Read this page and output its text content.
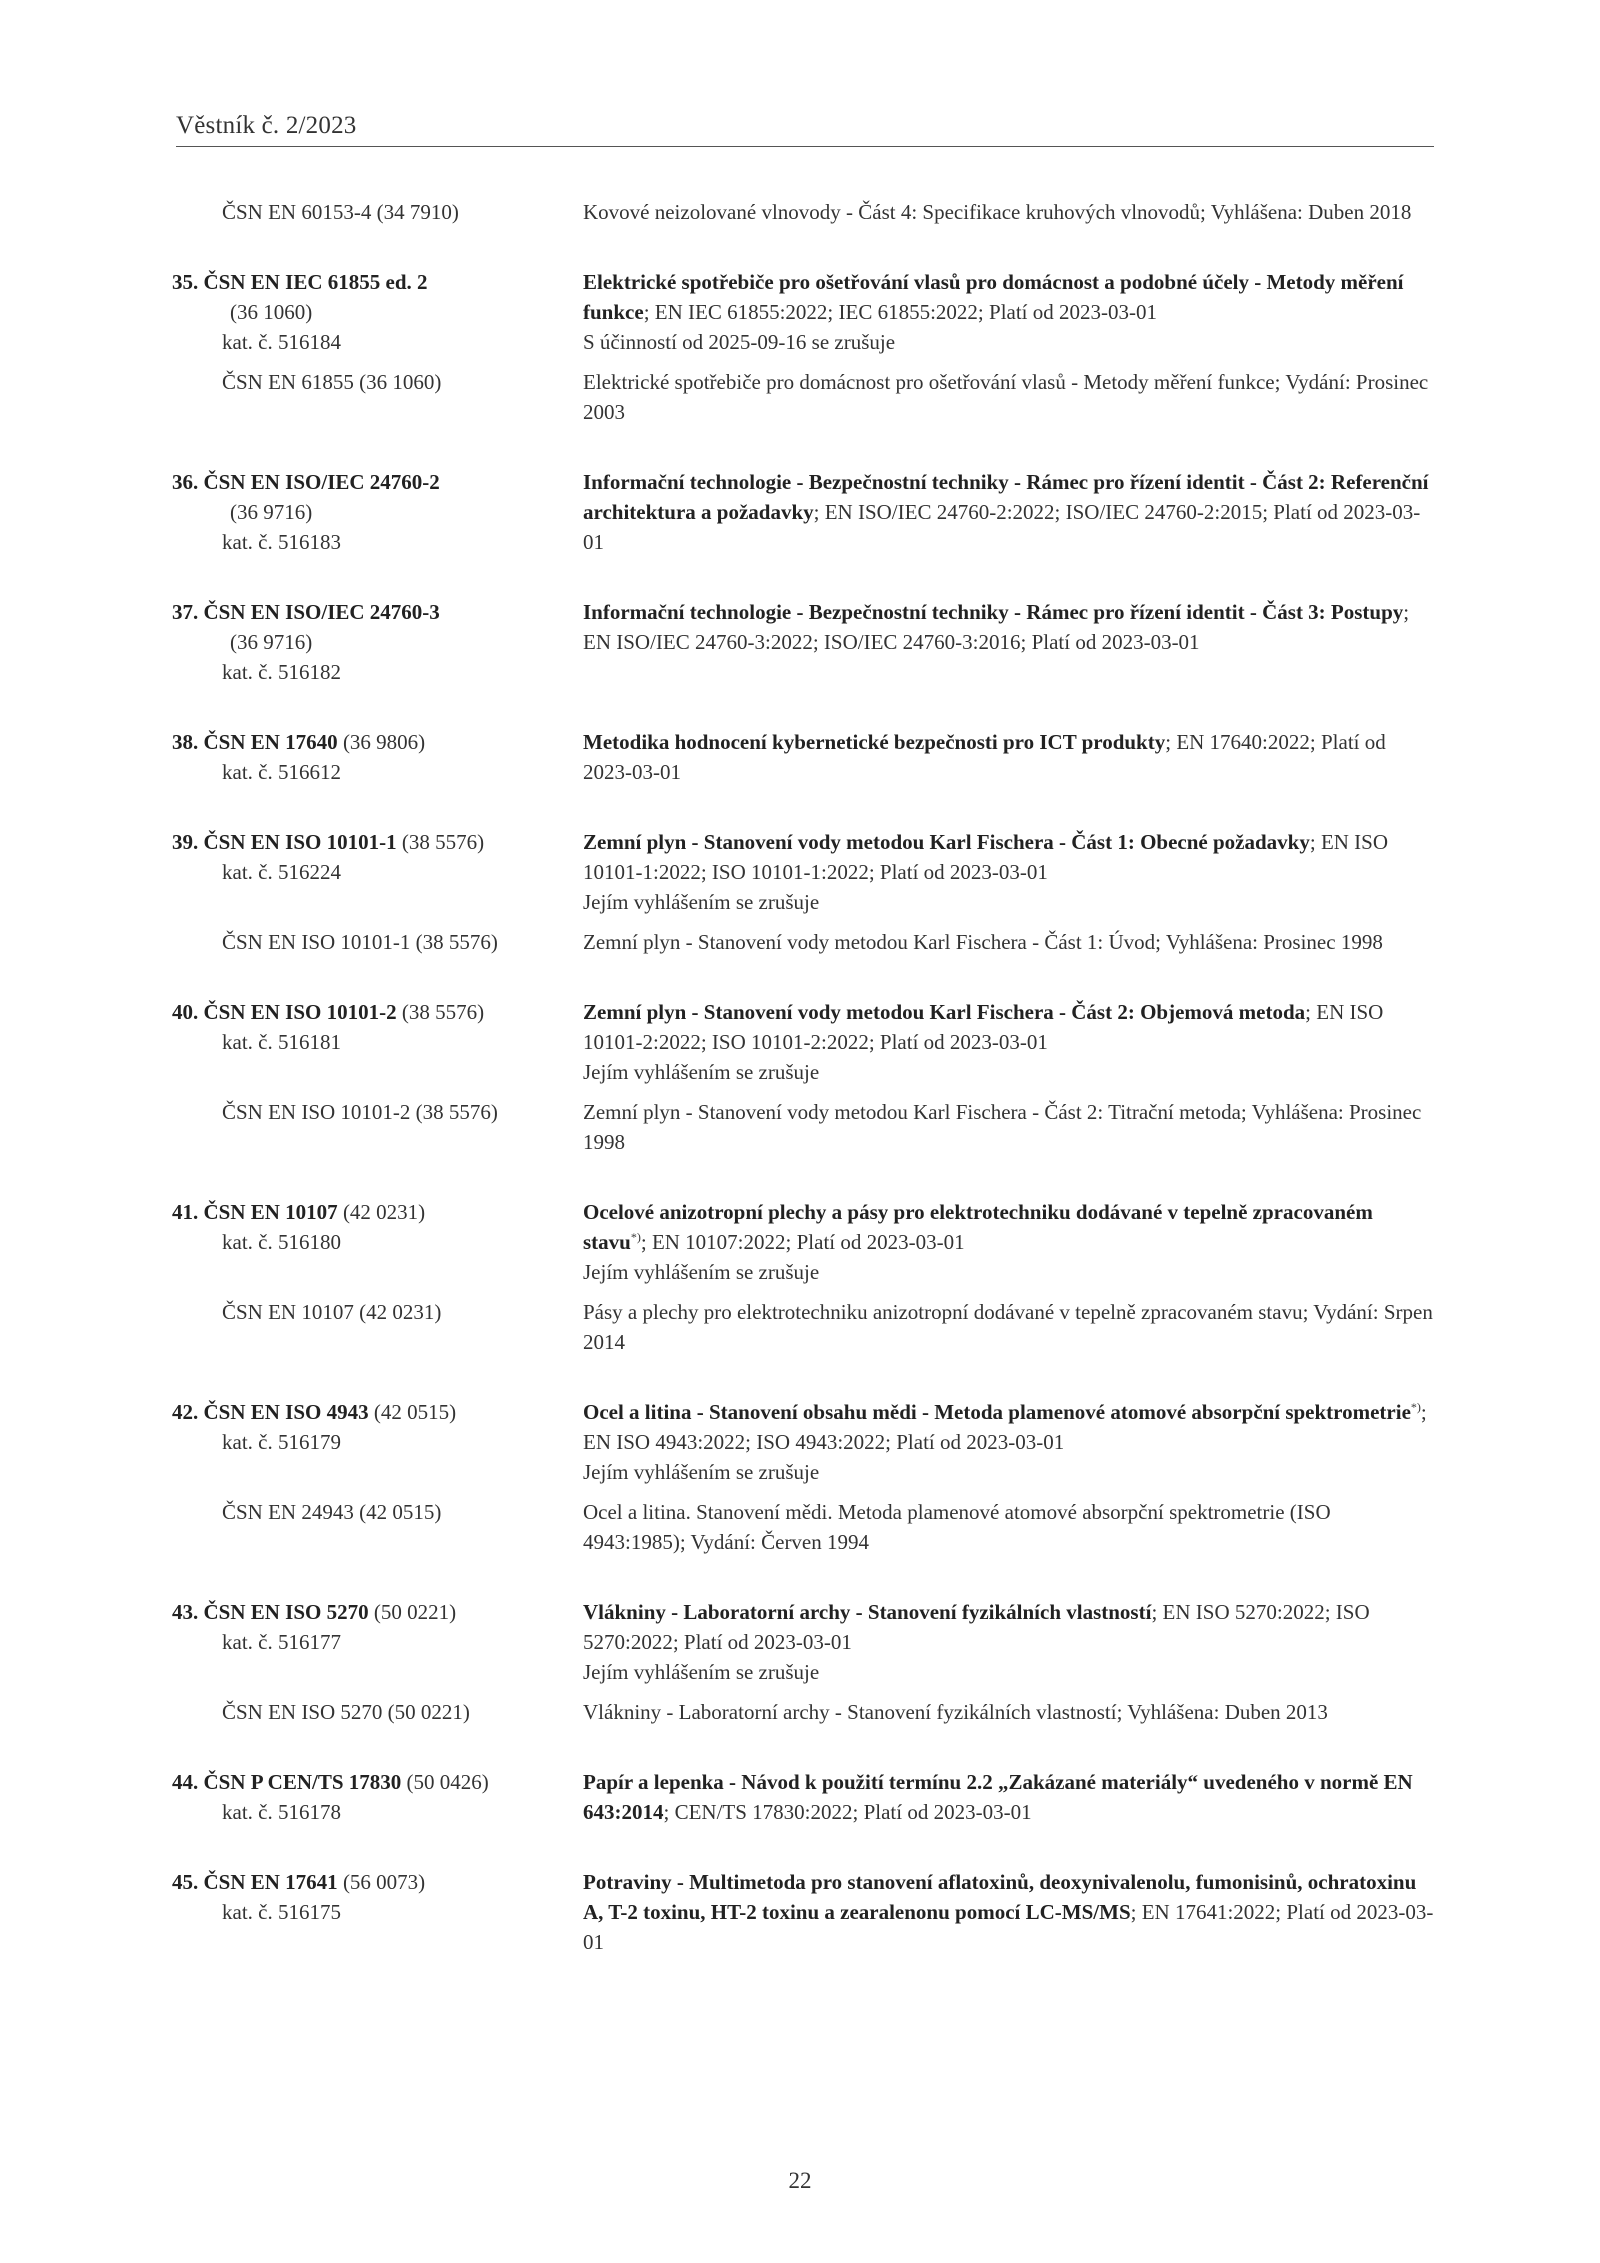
Věstník č. 2/2023
ČSN EN 60153-4 (34 7910)	Kovové neizolované vlnovody - Část 4: Specifikace kruhových vlnovodů; Vyhlášena: Duben 2018
35. ČSN EN IEC 61855 ed. 2
(36 1060)
kat. č. 516184
Elektrické spotřebiče pro ošetřování vlasů pro domácnost a podobné účely - Metody měření funkce; EN IEC 61855:2022; IEC 61855:2022; Platí od 2023-03-01
S účinností od 2025-09-16 se zrušuje
ČSN EN 61855 (36 1060)	Elektrické spotřebiče pro domácnost pro ošetřování vlasů - Metody měření funkce; Vydání: Prosinec 2003
36. ČSN EN ISO/IEC 24760-2
(36 9716)
kat. č. 516183
Informační technologie - Bezpečnostní techniky - Rámec pro řízení identit - Část 2: Referenční architektura a požadavky; EN ISO/IEC 24760-2:2022; ISO/IEC 24760-2:2015; Platí od 2023-03-01
37. ČSN EN ISO/IEC 24760-3
(36 9716)
kat. č. 516182
Informační technologie - Bezpečnostní techniky - Rámec pro řízení identit - Část 3: Postupy; EN ISO/IEC 24760-3:2022; ISO/IEC 24760-3:2016; Platí od 2023-03-01
38. ČSN EN 17640 (36 9806)
kat. č. 516612
Metodika hodnocení kybernetické bezpečnosti pro ICT produkty; EN 17640:2022; Platí od 2023-03-01
39. ČSN EN ISO 10101-1 (38 5576)
kat. č. 516224
Zemní plyn - Stanovení vody metodou Karl Fischera - Část 1: Obecné požadavky; EN ISO 10101-1:2022; ISO 10101-1:2022; Platí od 2023-03-01
Jejím vyhlášením se zrušuje
ČSN EN ISO 10101-1 (38 5576)	Zemní plyn - Stanovení vody metodou Karl Fischera - Část 1: Úvod; Vyhlášena: Prosinec 1998
40. ČSN EN ISO 10101-2 (38 5576)
kat. č. 516181
Zemní plyn - Stanovení vody metodou Karl Fischera - Část 2: Objemová metoda; EN ISO 10101-2:2022; ISO 10101-2:2022; Platí od 2023-03-01
Jejím vyhlášením se zrušuje
ČSN EN ISO 10101-2 (38 5576)	Zemní plyn - Stanovení vody metodou Karl Fischera - Část 2: Titrační metoda; Vyhlášena: Prosinec 1998
41. ČSN EN 10107 (42 0231)
kat. č. 516180
Ocelové anizotropní plechy a pásy pro elektrotechniku dodávané v tepelně zpracovaném stavu*); EN 10107:2022; Platí od 2023-03-01
Jejím vyhlášením se zrušuje
ČSN EN 10107 (42 0231)	Pásy a plechy pro elektrotechniku anizotropní dodávané v tepelně zpracovaném stavu; Vydání: Srpen 2014
42. ČSN EN ISO 4943 (42 0515)
kat. č. 516179
Ocel a litina - Stanovení obsahu mědi - Metoda plamenové atomové absorpční spektrometrie*); EN ISO 4943:2022; ISO 4943:2022; Platí od 2023-03-01
Jejím vyhlášením se zrušuje
ČSN EN 24943 (42 0515)	Ocel a litina. Stanovení mědi. Metoda plamenové atomové absorpční spektrometrie (ISO 4943:1985); Vydání: Červen 1994
43. ČSN EN ISO 5270 (50 0221)
kat. č. 516177
Vlákniny - Laboratorní archy - Stanovení fyzikálních vlastností; EN ISO 5270:2022; ISO 5270:2022; Platí od 2023-03-01
Jejím vyhlášením se zrušuje
ČSN EN ISO 5270 (50 0221)	Vlákniny - Laboratorní archy - Stanovení fyzikálních vlastností; Vyhlášena: Duben 2013
44. ČSN P CEN/TS 17830 (50 0426)
kat. č. 516178
Papír a lepenka - Návod k použití termínu 2.2 „Zakázané materiály“ uvedeného v normě EN 643:2014; CEN/TS 17830:2022; Platí od 2023-03-01
45. ČSN EN 17641 (56 0073)
kat. č. 516175
Potraviny - Multimetoda pro stanovení aflatoxinů, deoxynivalenolu, fumonisinů, ochratoxinu A, T-2 toxinu, HT-2 toxinu a zearalenonu pomocí LC-MS/MS; EN 17641:2022; Platí od 2023-03-01
22
